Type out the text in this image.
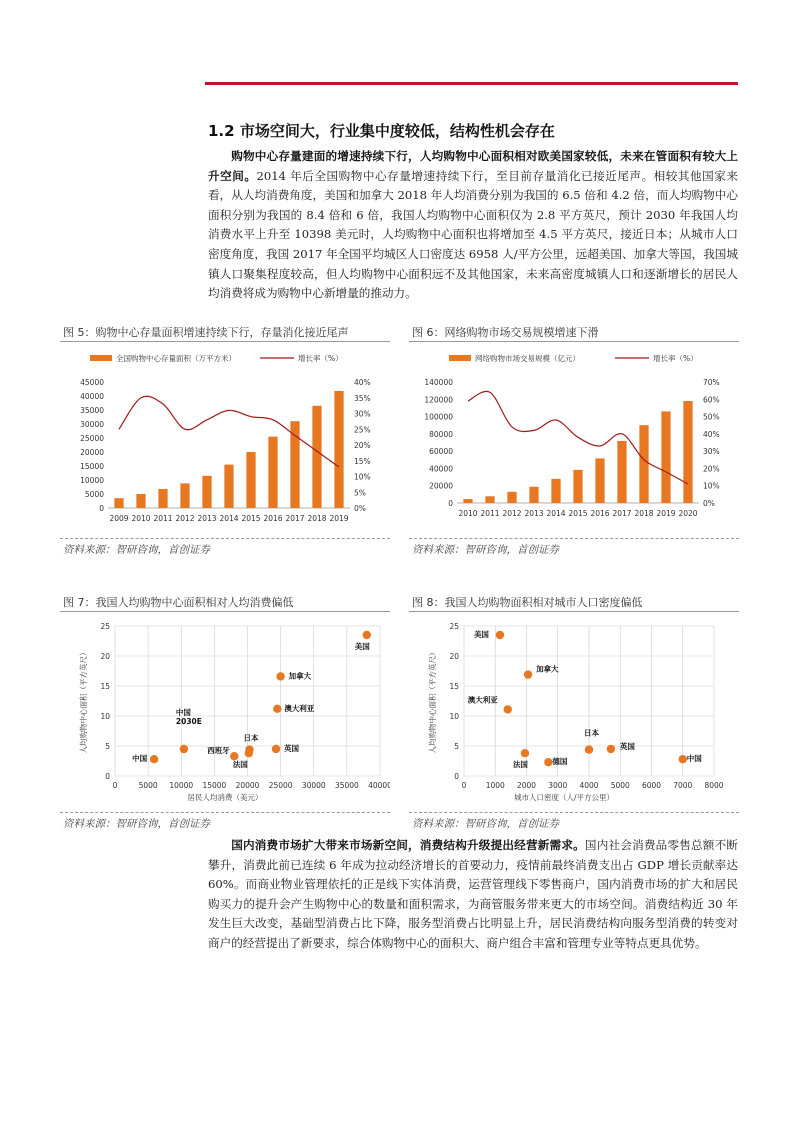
1.2 市场空间大，行业集中度较低，结构性机会存在
购物中心存量建面的增速持续下行，人均购物中心面积相对欧美国家较低，未来在管面积有较大上升空间。2014 年后全国购物中心存量增速持续下行，至目前存量消化已接近尾声。相较其他国家来看，从人均消费角度，美国和加拿大 2018 年人均消费分别为我国的 6.5 倍和 4.2 倍，而人均购物中心面积分别为我国的 8.4 倍和 6 倍，我国人均购物中心面积仅为 2.8 平方英尺，预计 2030 年我国人均消费水平上升至 10398 美元时，人均购物中心面积也将增加至 4.5 平方英尺，接近日本；从城市人口密度角度，我国 2017 年全国平均城区人口密度达 6958 人/平方公里，远超美国、加拿大等国，我国城镇人口聚集程度较高，但人均购物中心面积远不及其他国家，未来高密度城镇人口和逐渐增长的居民人均消费将成为购物中心新增量的推动力。
图 5：购物中心存量面积增速持续下行，存量消化接近尾声
全国购物中心存量面积（万平方米）	增长率（%）
0
5000
10000
15000
20000
25000
30000
35000
40000
45000
0%
5%
10%
15%
20%
25%
30%
35%
40%
2009 2010 2011 2012 2013 2014 2015 2016 2017 2018 2019
资料来源：智研咨询，首创证券
图 6：网络购物市场交易规模增速下滑
网络购物市场交易规模（亿元）	增长率（%）
0
20000
40000
60000
80000
100000
120000
140000
0%
10%
20%
30%
40%
50%
60%
70%
2010 2011 2012 2013 2014 2015 2016 2017 2018 2019 2020
资料来源：智研咨询，首创证券
图 7：我国人均购物中心面积相对人均消费偏低
0
5
10
15
20
25
0	5000 10000 15000 20000 25000 30000 35000 40000
居民人均消费（美元）
人均购物中心面积（平方英尺）
中国
中国 2030E
西班牙
法国
日本
英国
澳大利亚
加拿大
美国
资料来源：智研咨询，首创证券
图 8：我国人均购物面积相对城市人口密度偏低
0
5
10
15
20
25
0	1000 2000 3000 4000 5000 6000 7000 8000
城市人口密度（人/平方公里）
人均购物中心面积（平方英尺）
美国
加拿大
澳大利亚
法国	德国
日本
英国
中国
资料来源：智研咨询，首创证券
国内消费市场扩大带来市场新空间，消费结构升级提出经营新需求。国内社会消费品零售总额不断攀升，消费此前已连续 6 年成为拉动经济增长的首要动力，疫情前最终消费支出占 GDP 增长贡献率达 60%。而商业物业管理依托的正是线下实体消费，运营管理线下零售商户，国内消费市场的扩大和居民购买力的提升会产生购物中心的数量和面积需求，为商管服务带来更大的市场空间。消费结构近 30 年发生巨大改变，基础型消费占比下降，服务型消费占比明显上升，居民消费结构向服务型消费的转变对商户的经营提出了新要求，综合体购物中心的面积大、商户组合丰富和管理专业等特点更具优势。
